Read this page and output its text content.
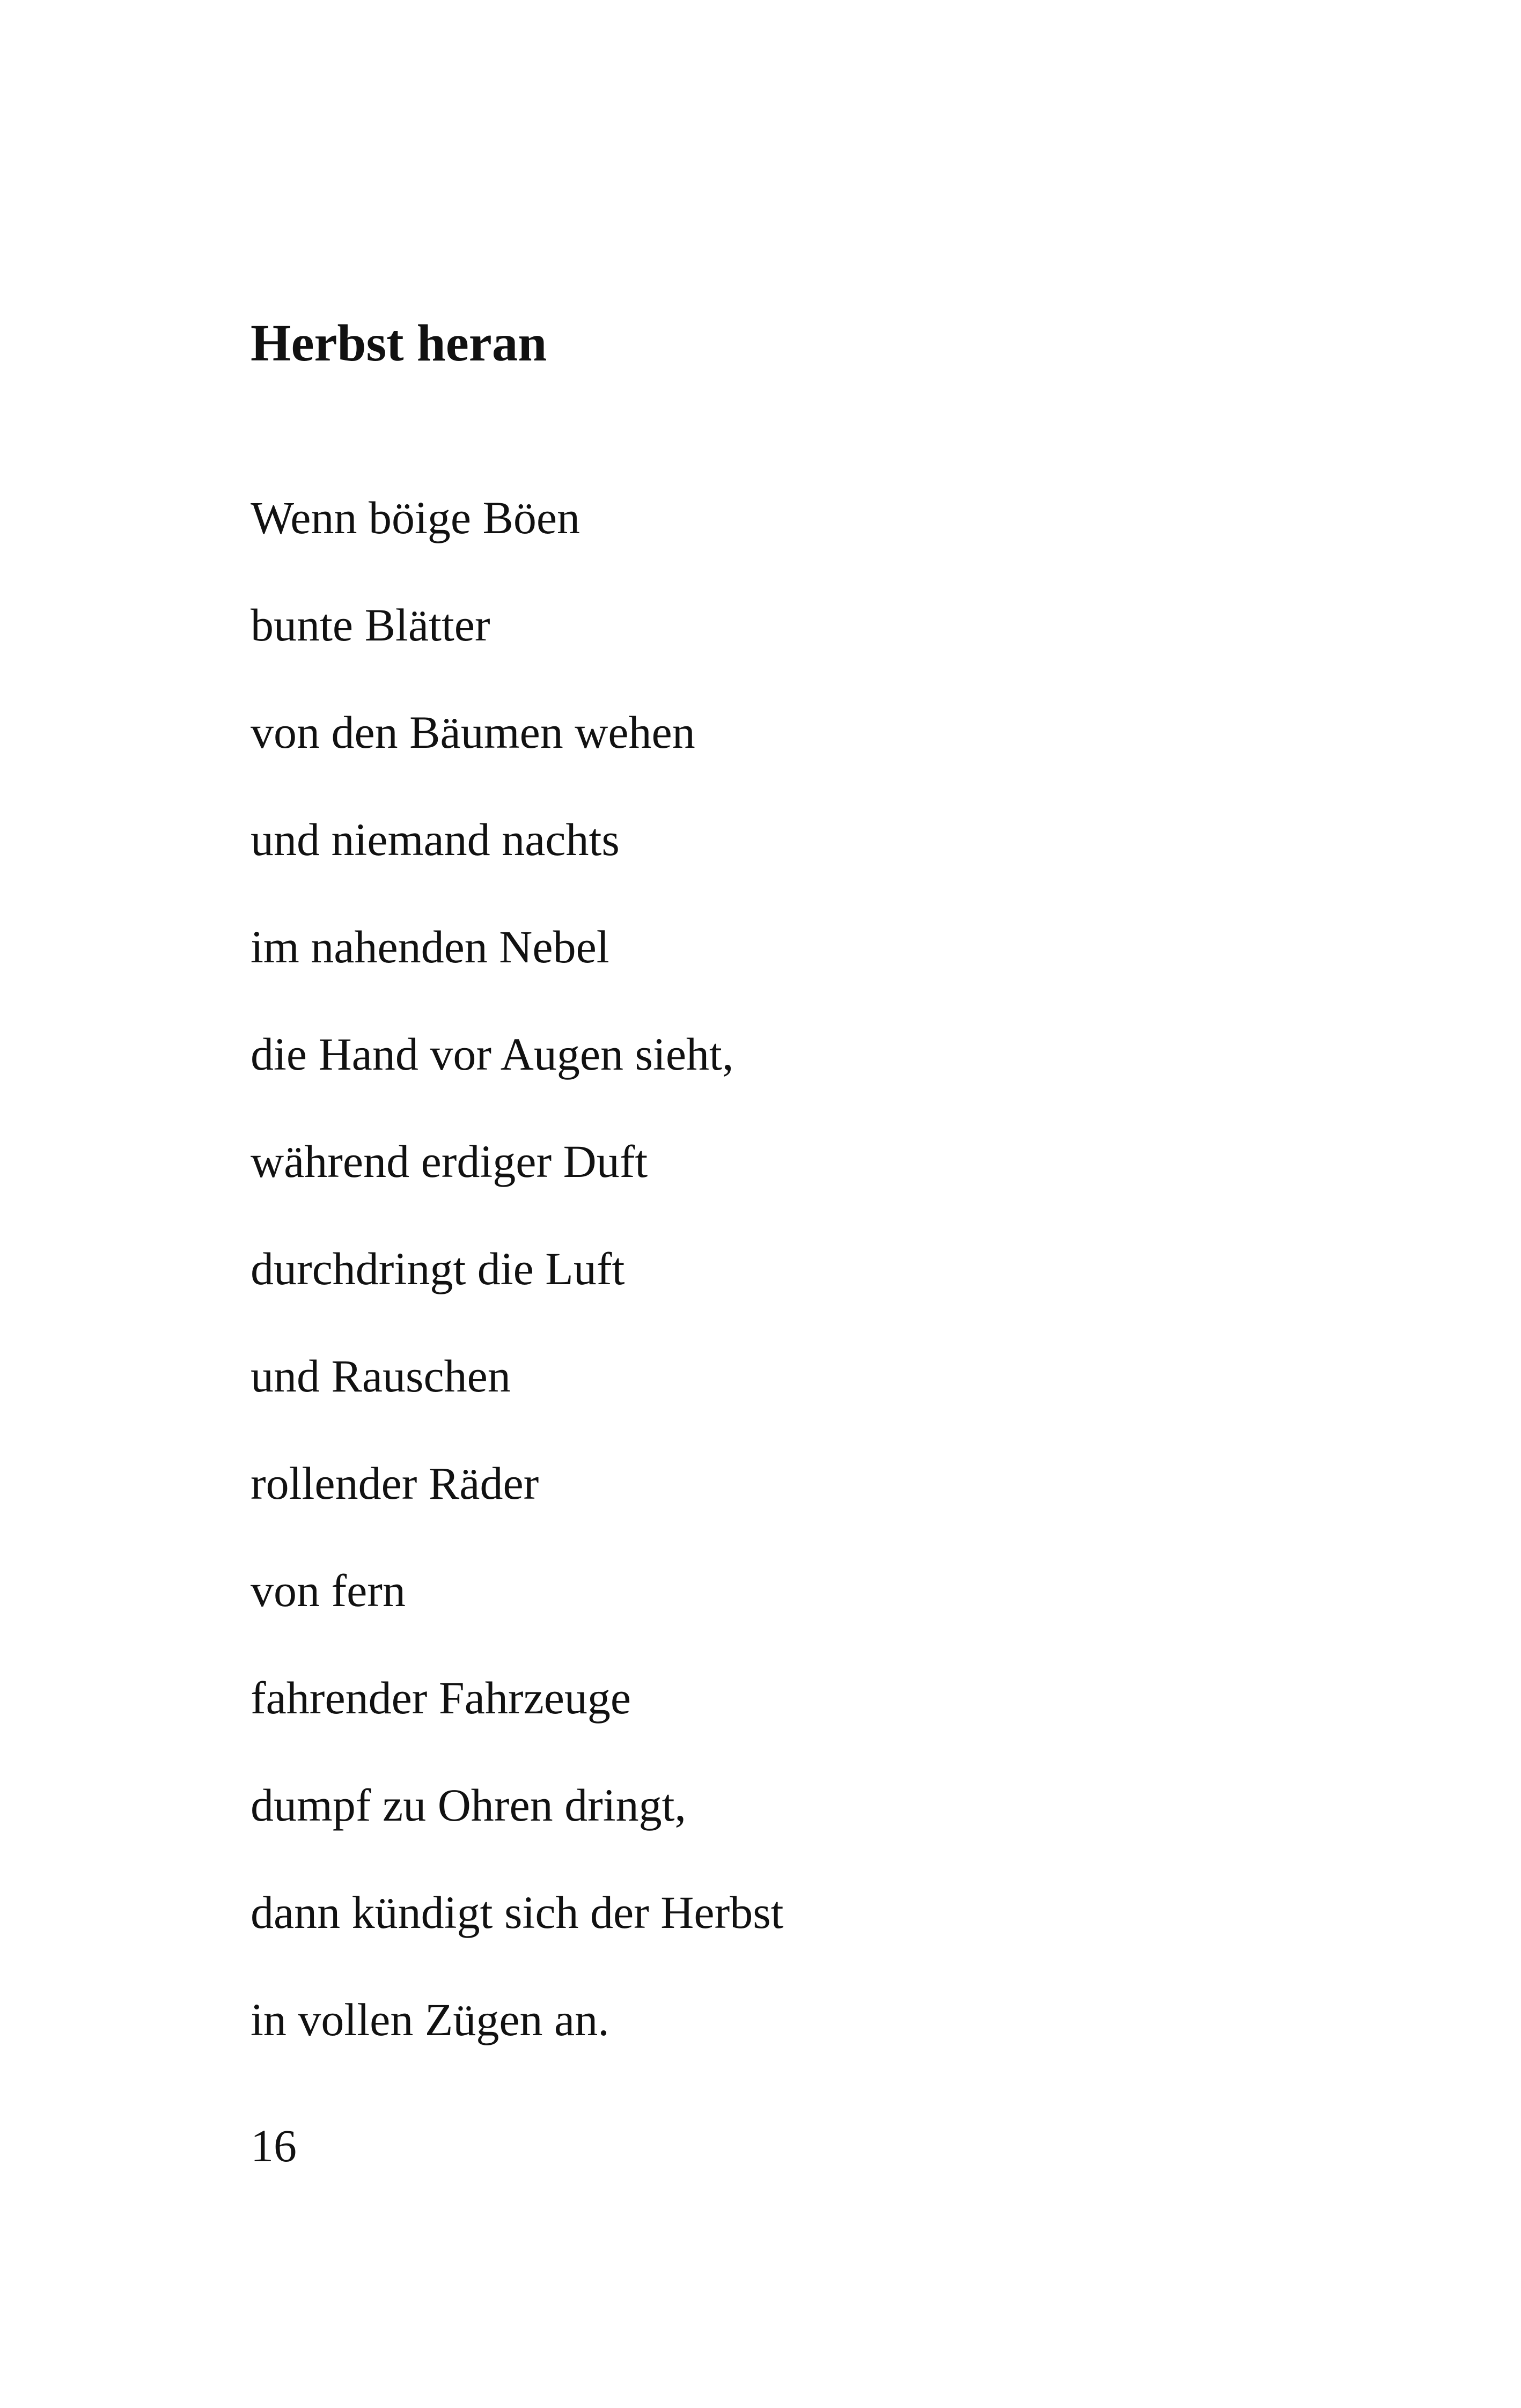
Herbst heran
Wenn böige Böen
bunte Blätter
von den Bäumen wehen
und niemand nachts
im nahenden Nebel
die Hand vor Augen sieht,
während erdiger Duft
durchdringt die Luft
und Rauschen
rollender Räder
von fern
fahrender Fahrzeuge
dumpf zu Ohren dringt,
dann kündigt sich der Herbst
in vollen Zügen an.
16
